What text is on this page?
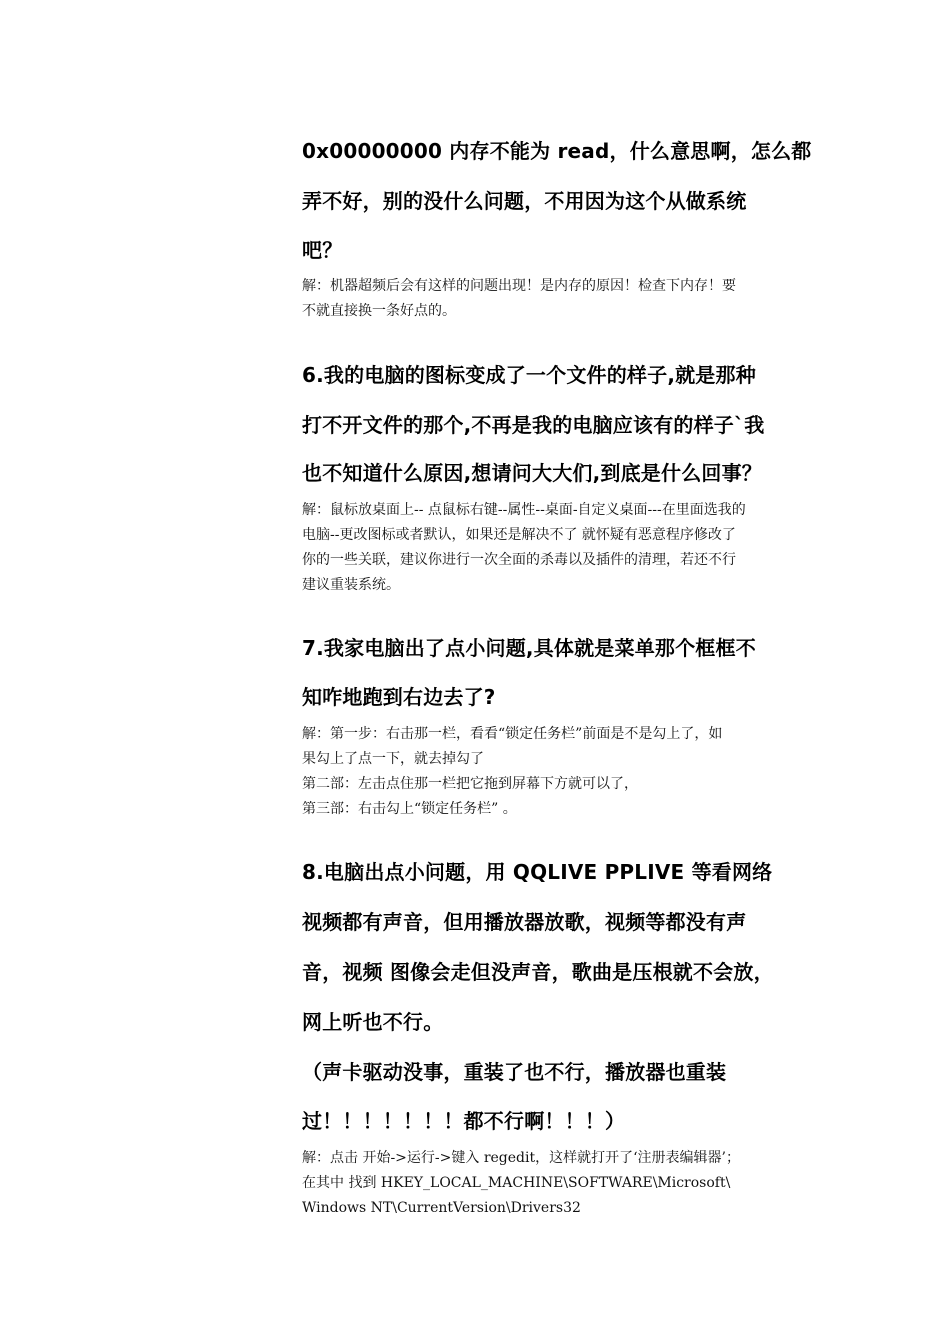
0x00000000 内存不能为 read，什么意思啊，怎么都
弄不好，别的没什么问题，不用因为这个从做系统
吧？
解：机器超频后会有这样的问题出现！是内存的原因！检查下内存！要
不就直接换一条好点的。
6.我的电脑的图标变成了一个文件的样子,就是那种
打不开文件的那个,不再是我的电脑应该有的样子`我
也不知道什么原因,想请问大大们,到底是什么回事？
解：鼠标放桌面上-- 点鼠标右键--属性--桌面-自定义桌面---在里面选我的
电脑--更改图标或者默认，如果还是解决不了 就怀疑有恶意程序修改了
你的一些关联，建议你进行一次全面的杀毒以及插件的清理，若还不行
建议重装系统。
7.我家电脑出了点小问题,具体就是菜单那个框框不
知咋地跑到右边去了?
解：第一步：右击那一栏，看看“锁定任务栏”前面是不是勾上了，如
果勾上了点一下，就去掉勾了
第二部：左击点住那一栏把它拖到屏幕下方就可以了，
第三部：右击勾上“锁定任务栏” 。
8.电脑出点小问题，用 QQLIVE PPLIVE 等看网络
视频都有声音，但用播放器放歌，视频等都没有声
音，视频 图像会走但没声音，歌曲是压根就不会放，
网上听也不行。
（声卡驱动没事，重装了也不行，播放器也重装
过！！！！！！！都不行啊！！！）
解：点击 开始->运行->键入 regedit，这样就打开了‘注册表编辑器’；
在其中 找到 HKEY_LOCAL_MACHINE\SOFTWARE\Microsoft\
Windows NT\CurrentVersion\Drivers32
